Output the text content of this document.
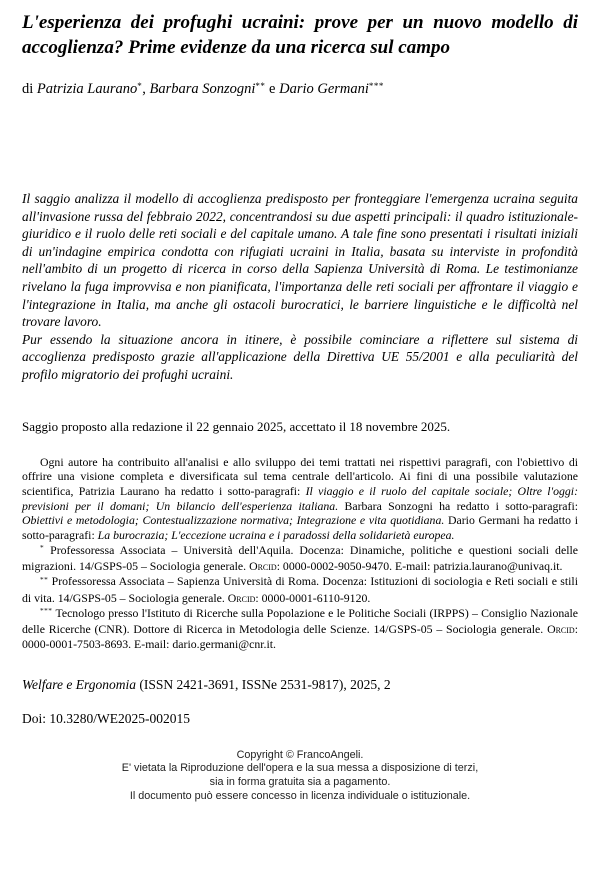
L'esperienza dei profughi ucraini: prove per un nuovo modello di accoglienza? Prime evidenze da una ricerca sul campo

di Patrizia Laurano*, Barbara Sonzogni** e Dario Germani***

Il saggio analizza il modello di accoglienza predisposto per fronteggiare l'emergenza ucraina seguita all'invasione russa del febbraio 2022, concentrandosi su due aspetti principali: il quadro istituzionale-giuridico e il ruolo delle reti sociali e del capitale umano. A tale fine sono presentati i risultati iniziali di un'indagine empirica condotta con rifugiati ucraini in Italia, basata su interviste in profondità nell'ambito di un progetto di ricerca in corso della Sapienza Università di Roma. Le testimonianze rivelano la fuga improvvisa e non pianificata, l'importanza delle reti sociali per affrontare il viaggio e l'integrazione in Italia, ma anche gli ostacoli burocratici, le barriere linguistiche e le difficoltà nel trovare lavoro.

Pur essendo la situazione ancora in itinere, è possibile cominciare a riflettere sul sistema di accoglienza predisposto grazie all'applicazione della Direttiva UE 55/2001 e alla peculiarità del profilo migratorio dei profughi ucraini.

Saggio proposto alla redazione il 22 gennaio 2025, accettato il 18 novembre 2025.

Ogni autore ha contribuito all'analisi e allo sviluppo dei temi trattati nei rispettivi paragrafi, con l'obiettivo di offrire una visione completa e diversificata sul tema centrale dell'articolo. Ai fini di una possibile valutazione scientifica, Patrizia Laurano ha redatto i sotto-paragrafi: Il viaggio e il ruolo del capitale sociale; Oltre l'oggi: previsioni per il domani; Un bilancio dell'esperienza italiana. Barbara Sonzogni ha redatto i sotto-paragrafi: Obiettivi e metodologia; Contestualizzazione normativa; Integrazione e vita quotidiana. Dario Germani ha redatto i sotto-paragrafi: La burocrazia; L'eccezione ucraina e i paradossi della solidarietà europea.

* Professoressa Associata – Università dell'Aquila. Docenza: Dinamiche, politiche e questioni sociali delle migrazioni. 14/GSPS-05 – Sociologia generale. Orcid: 0000-0002-9050-9470. E-mail: patrizia.laurano@univaq.it.

** Professoressa Associata – Sapienza Università di Roma. Docenza: Istituzioni di sociologia e Reti sociali e stili di vita. 14/GSPS-05 – Sociologia generale. Orcid: 0000-0001-6110-9120.

*** Tecnologo presso l'Istituto di Ricerche sulla Popolazione e le Politiche Sociali (IRPPS) – Consiglio Nazionale delle Ricerche (CNR). Dottore di Ricerca in Metodologia delle Scienze. 14/GSPS-05 – Sociologia generale. Orcid: 0000-0001-7503-8693. E-mail: dario.germani@cnr.it.

Welfare e Ergonomia (ISSN 2421-3691, ISSNe 2531-9817), 2025, 2

Doi: 10.3280/WE2025-002015

Copyright © FrancoAngeli.
E' vietata la Riproduzione dell'opera e la sua messa a disposizione di terzi,
sia in forma gratuita sia a pagamento.
Il documento può essere concesso in licenza individuale o istituzionale.
